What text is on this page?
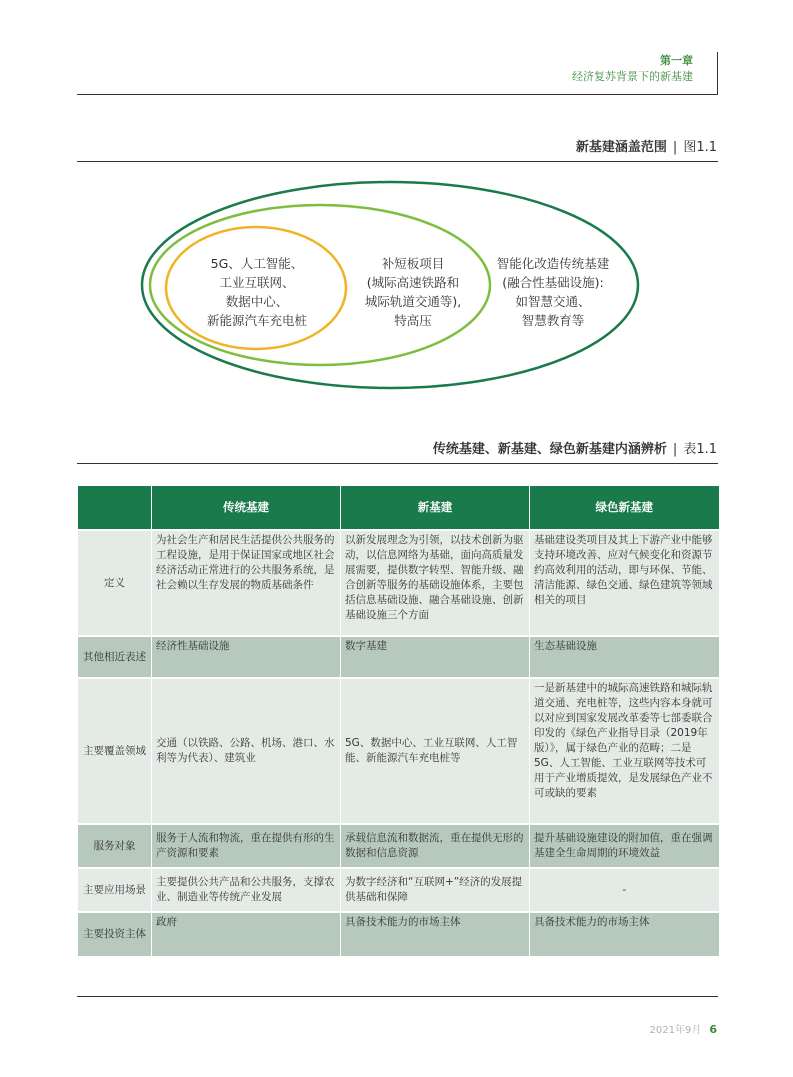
第一章
经济复苏背景下的新基建
新基建涵盖范围 | 图1.1
5G、人工智能、
工业互联网、
数据中心、
新能源汽车充电桩
补短板项目
(城际高速铁路和
城际轨道交通等),
特高压
智能化改造传统基建
(融合性基础设施):
如智慧交通、
智慧教育等
传统基建、新基建、绿色新基建内涵辨析 | 表1.1
	传统基建	新基建	绿色新基建
定义	为社会生产和居民生活提供公共服务的工程设施，是用于保证国家或地区社会经济活动正常进行的公共服务系统，是社会赖以生存发展的物质基础条件	以新发展理念为引领，以技术创新为驱动，以信息网络为基础，面向高质量发展需要，提供数字转型、智能升级、融合创新等服务的基础设施体系，主要包括信息基础设施、融合基础设施、创新基础设施三个方面	基础建设类项目及其上下游产业中能够支持环境改善、应对气候变化和资源节约高效利用的活动，即与环保、节能、清洁能源、绿色交通、绿色建筑等领域相关的项目
其他相近表述	经济性基础设施	数字基建	生态基础设施
主要覆盖领域	交通（以铁路、公路、机场、港口、水利等为代表）、建筑业	5G、数据中心、工业互联网、人工智能、新能源汽车充电桩等	一是新基建中的城际高速铁路和城际轨道交通、充电桩等，这些内容本身就可以对应到国家发展改革委等七部委联合印发的《绿色产业指导目录（2019年版）》，属于绿色产业的范畴；二是5G、人工智能、工业互联网等技术可用于产业增质提效，是发展绿色产业不可或缺的要素
服务对象	服务于人流和物流，重在提供有形的生产资源和要素	承载信息流和数据流，重在提供无形的数据和信息资源	提升基础设施建设的附加值，重在强调基建全生命周期的环境效益
主要应用场景	主要提供公共产品和公共服务，支撑农业、制造业等传统产业发展	为数字经济和“互联网+”经济的发展提供基础和保障	-
主要投资主体	政府	具备技术能力的市场主体	具备技术能力的市场主体
2021年9月 6
